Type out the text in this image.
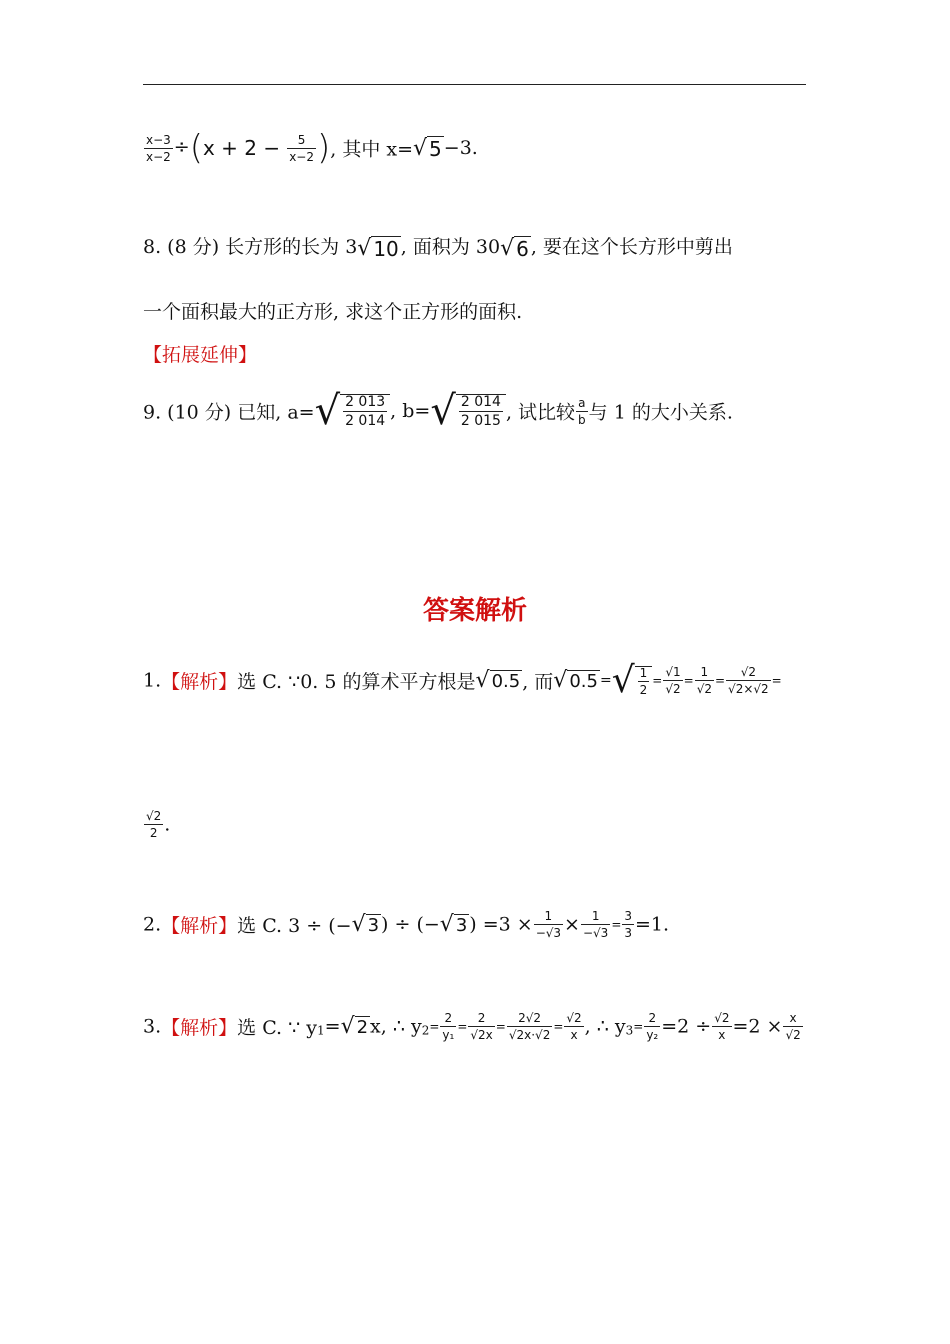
$\frac{x-3}{x-2} \div(x + 2 - \frac{5}{x-2}$ ), 其中 x=√ 5 −3.
8. (8 分) 长方形的长为 3√ 10 , 面积为 30√ 6 , 要在这个长方形中剪出
一个面积最大的正方形, 求这个正方形的面积.
【拓展延伸】
9. (10 分) 已知, $a=√ \frac{2 013}{2 014}$ , $b=√ \frac{2 014}{2 015}$ , 试比较 $\frac{a}{b}$ 与 1 的大小关系.
答案解析
1.【解析】选 C. ∵0. 5 的算术平方根是√ 0.5 , 而√ 0.5 =√ $\frac{1}{2} = \frac{√1}{√2} = \frac{1}{√2} = \frac{√2}{√2\times√2}$ =
$\frac{√2}{2}$ .
2.【解析】选 C. 3 ÷ (−√ 3 ) ÷ (−√ 3 ) $=3 \times \frac{1}{-√3} \times \frac{1}{-√3} = \frac{3}{3} =1$.
3.【解析】选 C. ∵ $y_1=√$ 2 x, ∴ $y_2= \frac{2}{\text{y₁}} = \frac{2}{√2x} = \frac{2√2}{√2x\cdot√2} = \frac{√2}{x}$ , ∴ $y_3= \frac{2}{\text{y₂}} =2 \div \frac{√2}{x} =2 \times \frac{x}{√2}$
